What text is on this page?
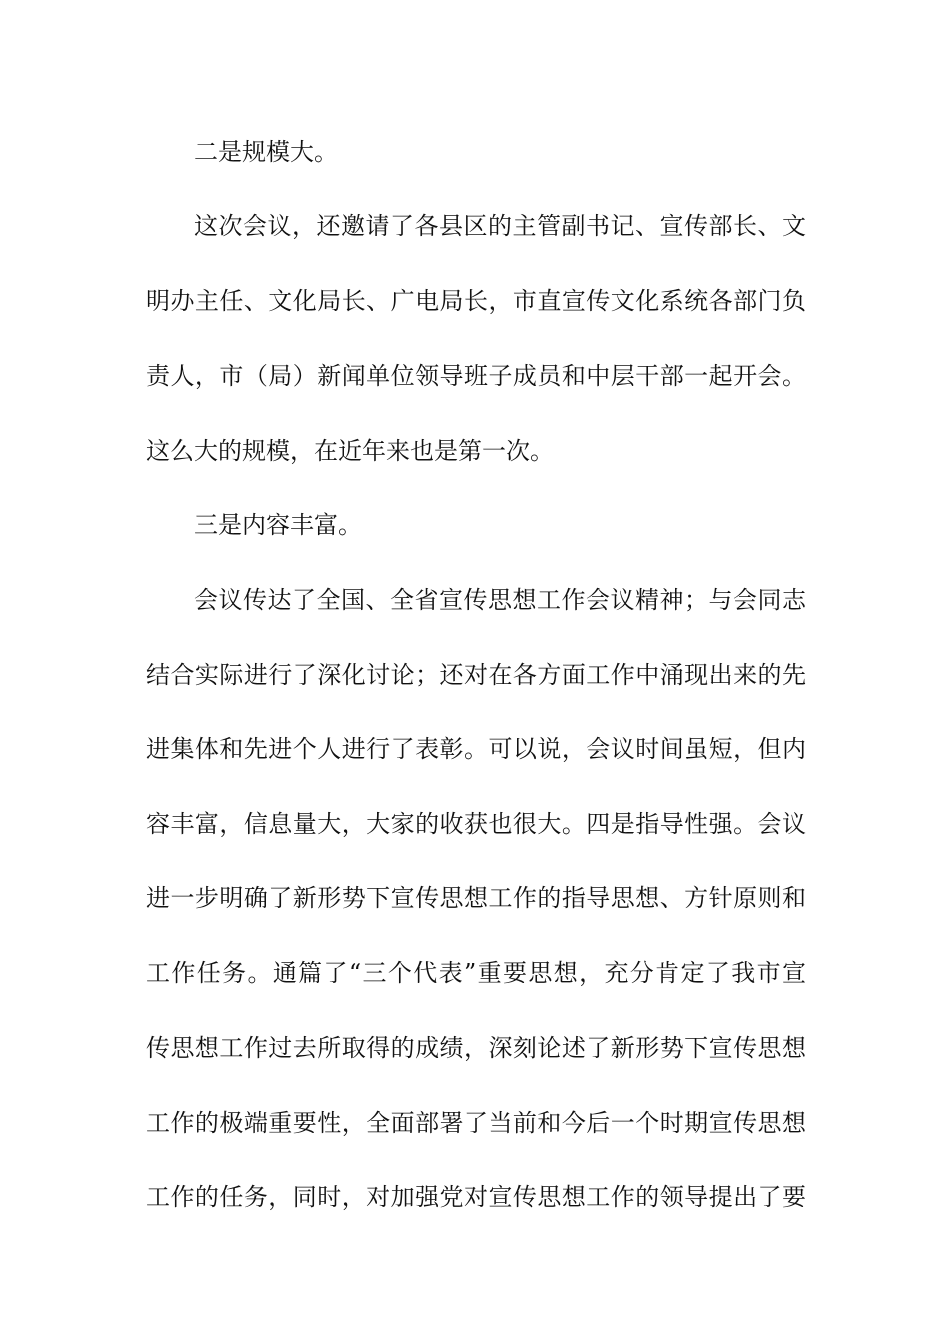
二是规模大。
这次会议，还邀请了各县区的主管副书记、宣传部长、文
明办主任、文化局长、广电局长，市直宣传文化系统各部门负
责人，市（局）新闻单位领导班子成员和中层干部一起开会。
这么大的规模，在近年来也是第一次。
三是内容丰富。
会议传达了全国、全省宣传思想工作会议精神；与会同志
结合实际进行了深化讨论；还对在各方面工作中涌现出来的先
进集体和先进个人进行了表彰。可以说，会议时间虽短，但内
容丰富，信息量大，大家的收获也很大。四是指导性强。会议
进一步明确了新形势下宣传思想工作的指导思想、方针原则和
工作任务。通篇了“三个代表”重要思想，充分肯定了我市宣
传思想工作过去所取得的成绩，深刻论述了新形势下宣传思想
工作的极端重要性，全面部署了当前和今后一个时期宣传思想
工作的任务，同时，对加强党对宣传思想工作的领导提出了要
